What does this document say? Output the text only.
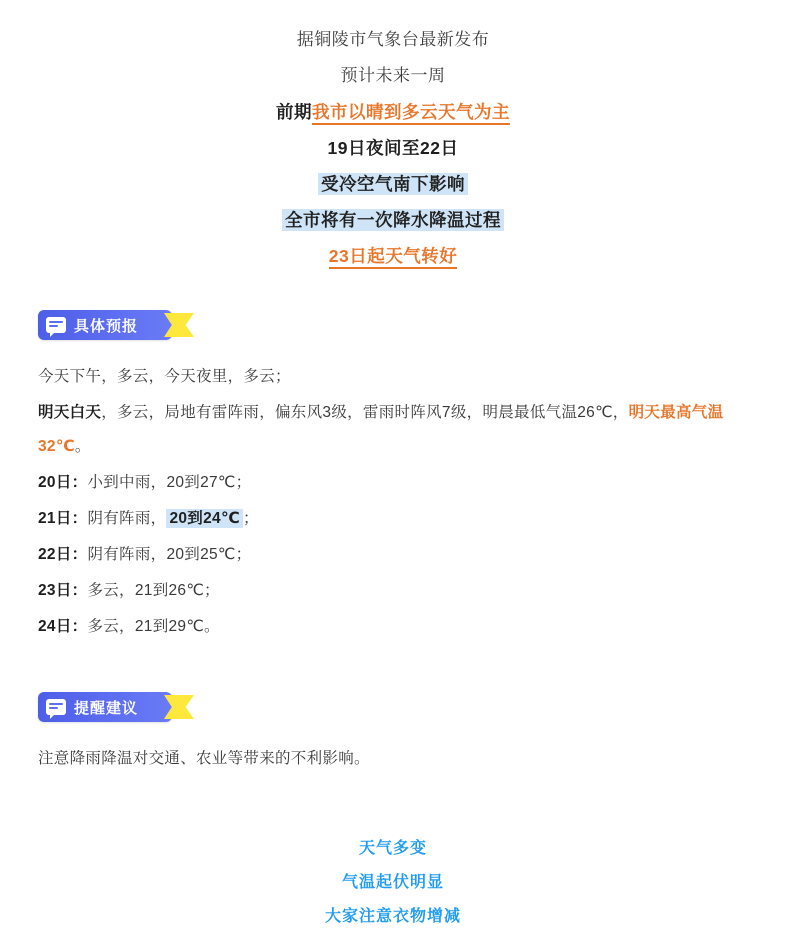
据铜陵市气象台最新发布
预计未来一周
前期我市以晴到多云天气为主
19日夜间至22日
受冷空气南下影响
全市将有一次降水降温过程
23日起天气转好
具体预报

今天下午，多云，今天夜里，多云；

明天白天，多云，局地有雷阵雨，偏东风3级，雷雨时阵风7级，明晨最低气温26℃，明天最高气温32℃。

20日：小到中雨，20到27℃；

21日：阴有阵雨， 20到24℃ ；

22日：阴有阵雨，20到25℃；

23日：多云，21到26℃；

24日：多云，21到29℃。

提醒建议

注意降雨降温对交通、农业等带来的不利影响。

天气多变
气温起伏明显
大家注意衣物增减
